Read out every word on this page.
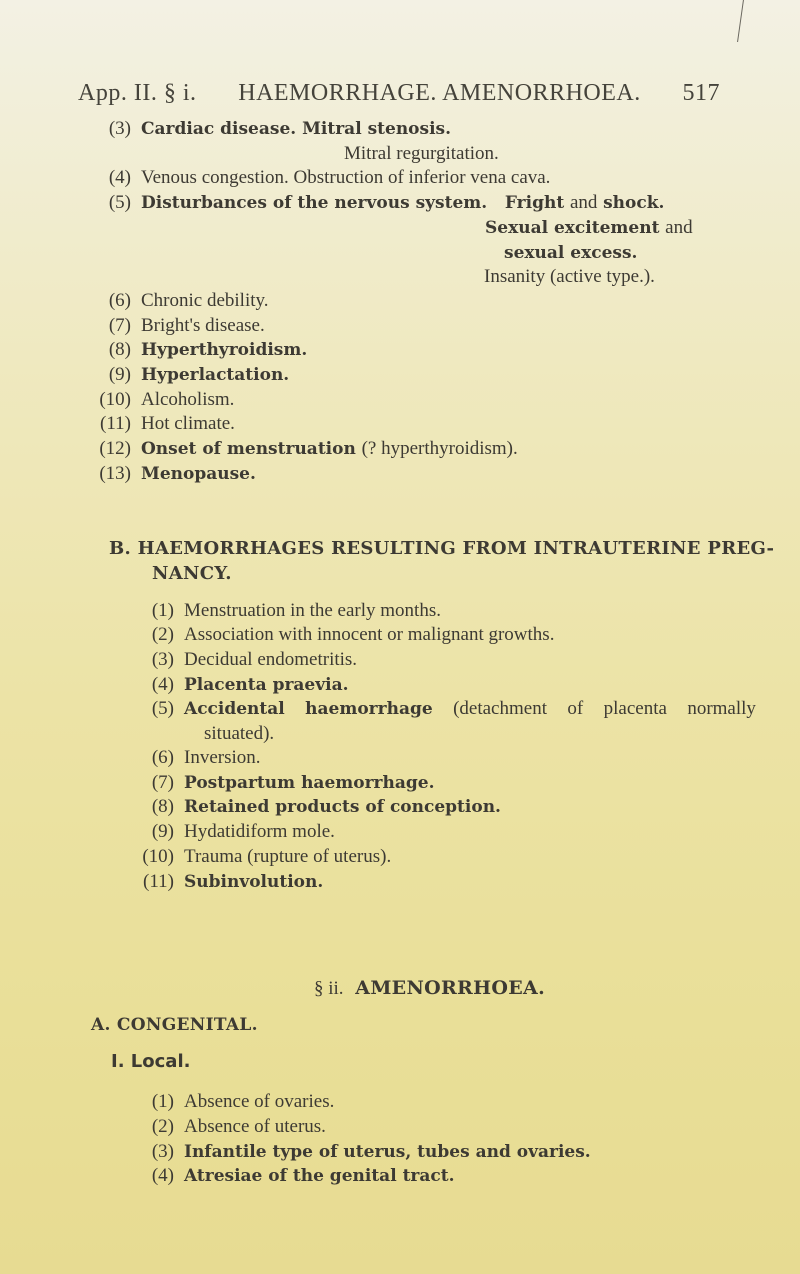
App. II. § i. HAEMORRHAGE. AMENORRHOEA. 517
(3) Cardiac disease. Mitral stenosis.
Mitral regurgitation.
(4) Venous congestion. Obstruction of inferior vena cava.
(5) Disturbances of the nervous system. Fright and shock.
Sexual excitement and
sexual excess.
Insanity (active type.).
(6) Chronic debility.
(7) Bright's disease.
(8) Hyperthyroidism.
(9) Hyperlactation.
(10) Alcoholism.
(11) Hot climate.
(12) Onset of menstruation (? hyperthyroidism).
(13) Menopause.
B. HAEMORRHAGES RESULTING FROM INTRAUTERINE PREG-
NANCY.
(1) Menstruation in the early months.
(2) Association with innocent or malignant growths.
(3) Decidual endometritis.
(4) Placenta praevia.
(5) Accidental haemorrhage (detachment of placenta normally
situated).
(6) Inversion.
(7) Postpartum haemorrhage.
(8) Retained products of conception.
(9) Hydatidiform mole.
(10) Trauma (rupture of uterus).
(11) Subinvolution.
§ ii. AMENORRHOEA.
A. CONGENITAL.
I. Local.
(1) Absence of ovaries.
(2) Absence of uterus.
(3) Infantile type of uterus, tubes and ovaries.
(4) Atresiae of the genital tract.
